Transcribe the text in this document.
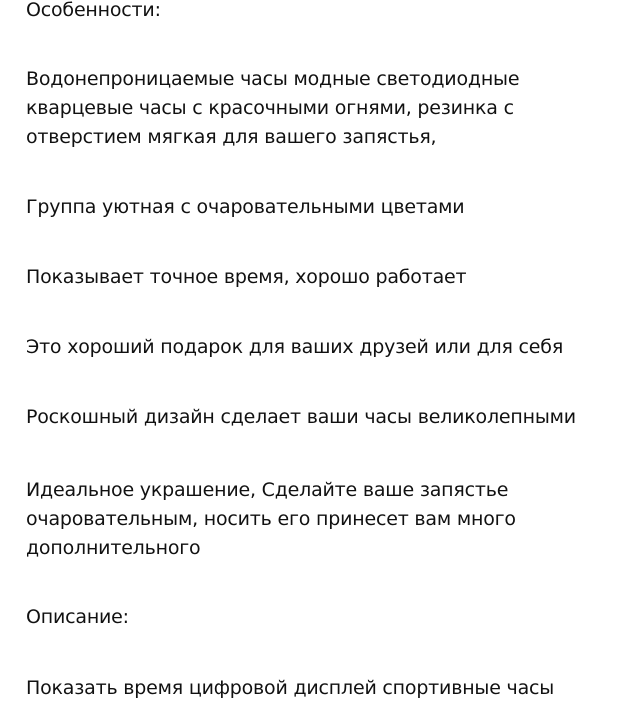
Особенности:
Водонепроницаемые часы модные светодиодные
кварцевые часы с красочными огнями, резинка с
отверстием мягкая для вашего запястья,
Группа уютная с очаровательными цветами
Показывает точное время, хорошо работает
Это хороший подарок для ваших друзей или для себя
Роскошный дизайн сделает ваши часы великолепными
Идеальное украшение, Сделайте ваше запястье
очаровательным, носить его принесет вам много
дополнительного
Описание:
Показать время цифровой дисплей спортивные часы
